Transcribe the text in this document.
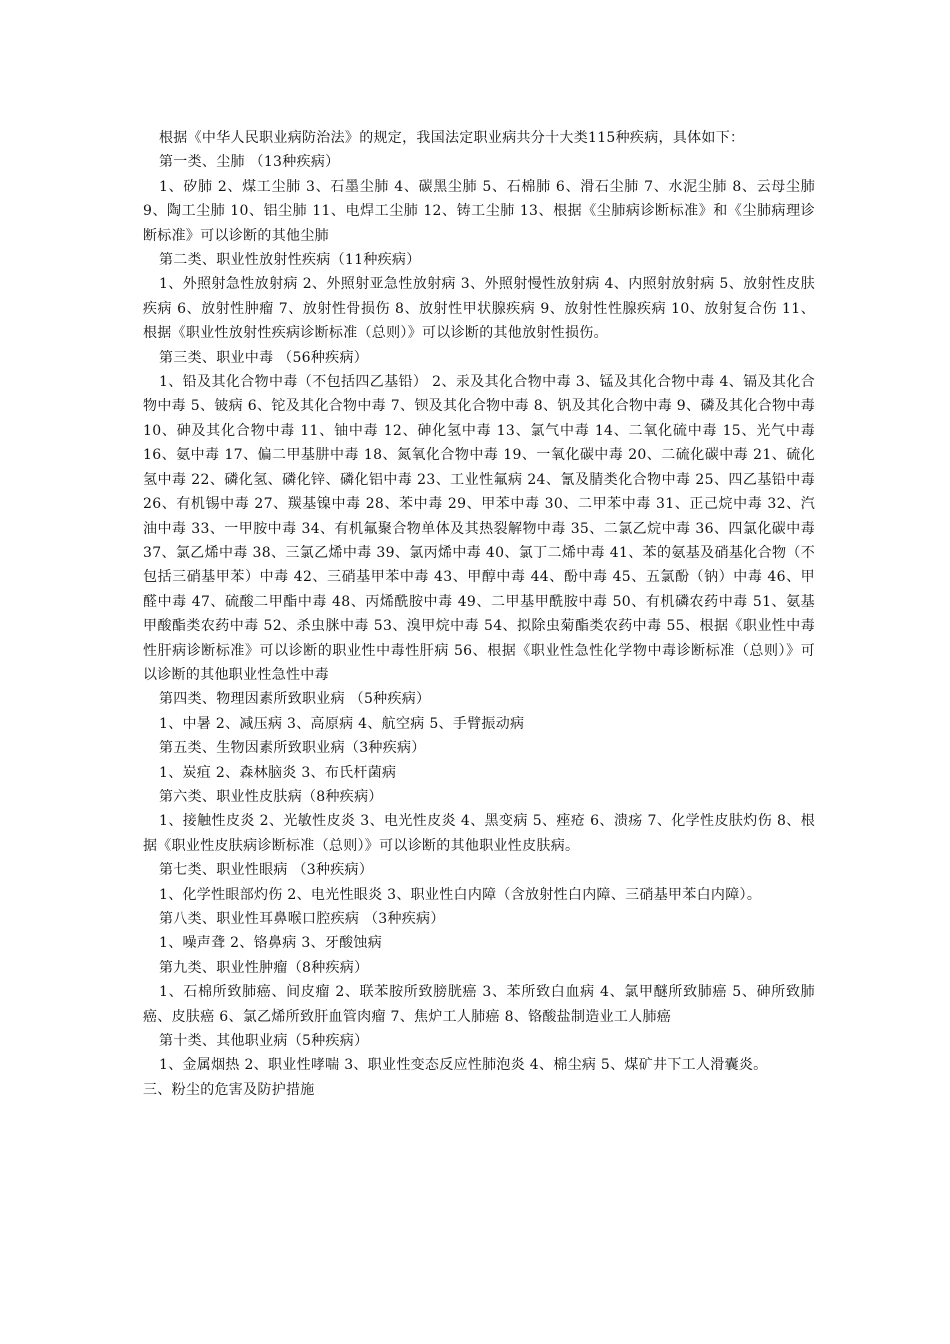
根据《中华人民职业病防治法》的规定，我国法定职业病共分十大类115种疾病，具体如下：

第一类、尘肺 （13种疾病）

1、矽肺 2、煤工尘肺 3、石墨尘肺 4、碳黑尘肺 5、石棉肺 6、滑石尘肺 7、水泥尘肺 8、云母尘肺 9、陶工尘肺 10、铝尘肺 11、电焊工尘肺 12、铸工尘肺 13、根据《尘肺病诊断标准》和《尘肺病理诊断标准》可以诊断的其他尘肺

第二类、职业性放射性疾病（11种疾病）

1、外照射急性放射病 2、外照射亚急性放射病 3、外照射慢性放射病 4、内照射放射病 5、放射性皮肤疾病 6、放射性肿瘤 7、放射性骨损伤 8、放射性甲状腺疾病 9、放射性性腺疾病 10、放射复合伤 11、根据《职业性放射性疾病诊断标准（总则）》可以诊断的其他放射性损伤。

第三类、职业中毒 （56种疾病）

1、铅及其化合物中毒（不包括四乙基铅） 2、汞及其化合物中毒 3、锰及其化合物中毒 4、镉及其化合物中毒 5、铍病 6、铊及其化合物中毒 7、钡及其化合物中毒 8、钒及其化合物中毒 9、磷及其化合物中毒 10、砷及其化合物中毒 11、铀中毒 12、砷化氢中毒 13、氯气中毒 14、二氧化硫中毒 15、光气中毒 16、氨中毒 17、偏二甲基肼中毒 18、氮氧化合物中毒 19、一氧化碳中毒 20、二硫化碳中毒 21、硫化氢中毒 22、磷化氢、磷化锌、磷化铝中毒 23、工业性氟病 24、氰及腈类化合物中毒 25、四乙基铅中毒 26、有机锡中毒 27、羰基镍中毒 28、苯中毒 29、甲苯中毒 30、二甲苯中毒 31、正己烷中毒 32、汽油中毒 33、一甲胺中毒 34、有机氟聚合物单体及其热裂解物中毒 35、二氯乙烷中毒 36、四氯化碳中毒 37、氯乙烯中毒 38、三氯乙烯中毒 39、氯丙烯中毒 40、氯丁二烯中毒 41、苯的氨基及硝基化合物（不包括三硝基甲苯）中毒 42、三硝基甲苯中毒 43、甲醇中毒 44、酚中毒 45、五氯酚（钠）中毒 46、甲醛中毒 47、硫酸二甲酯中毒 48、丙烯酰胺中毒 49、二甲基甲酰胺中毒 50、有机磷农药中毒 51、氨基甲酸酯类农药中毒 52、杀虫脒中毒 53、溴甲烷中毒 54、拟除虫菊酯类农药中毒 55、根据《职业性中毒性肝病诊断标准》可以诊断的职业性中毒性肝病 56、根据《职业性急性化学物中毒诊断标准（总则）》可以诊断的其他职业性急性中毒

第四类、物理因素所致职业病 （5种疾病）

1、中暑 2、减压病 3、高原病 4、航空病 5、手臂振动病

第五类、生物因素所致职业病（3种疾病）

1、炭疽 2、森林脑炎 3、布氏杆菌病

第六类、职业性皮肤病（8种疾病）

1、接触性皮炎 2、光敏性皮炎 3、电光性皮炎 4、黑变病 5、痤疮 6、溃疡 7、化学性皮肤灼伤 8、根据《职业性皮肤病诊断标准（总则）》可以诊断的其他职业性皮肤病。

第七类、职业性眼病 （3种疾病）

1、化学性眼部灼伤 2、电光性眼炎 3、职业性白内障（含放射性白内障、三硝基甲苯白内障）。

第八类、职业性耳鼻喉口腔疾病 （3种疾病）

1、噪声聋 2、铬鼻病 3、牙酸蚀病

第九类、职业性肿瘤（8种疾病）

1、石棉所致肺癌、间皮瘤 2、联苯胺所致膀胱癌 3、苯所致白血病 4、氯甲醚所致肺癌 5、砷所致肺癌、皮肤癌 6、氯乙烯所致肝血管肉瘤 7、焦炉工人肺癌 8、铬酸盐制造业工人肺癌

第十类、其他职业病（5种疾病）

1、金属烟热 2、职业性哮喘 3、职业性变态反应性肺泡炎 4、棉尘病 5、煤矿井下工人滑囊炎。

三、粉尘的危害及防护措施
